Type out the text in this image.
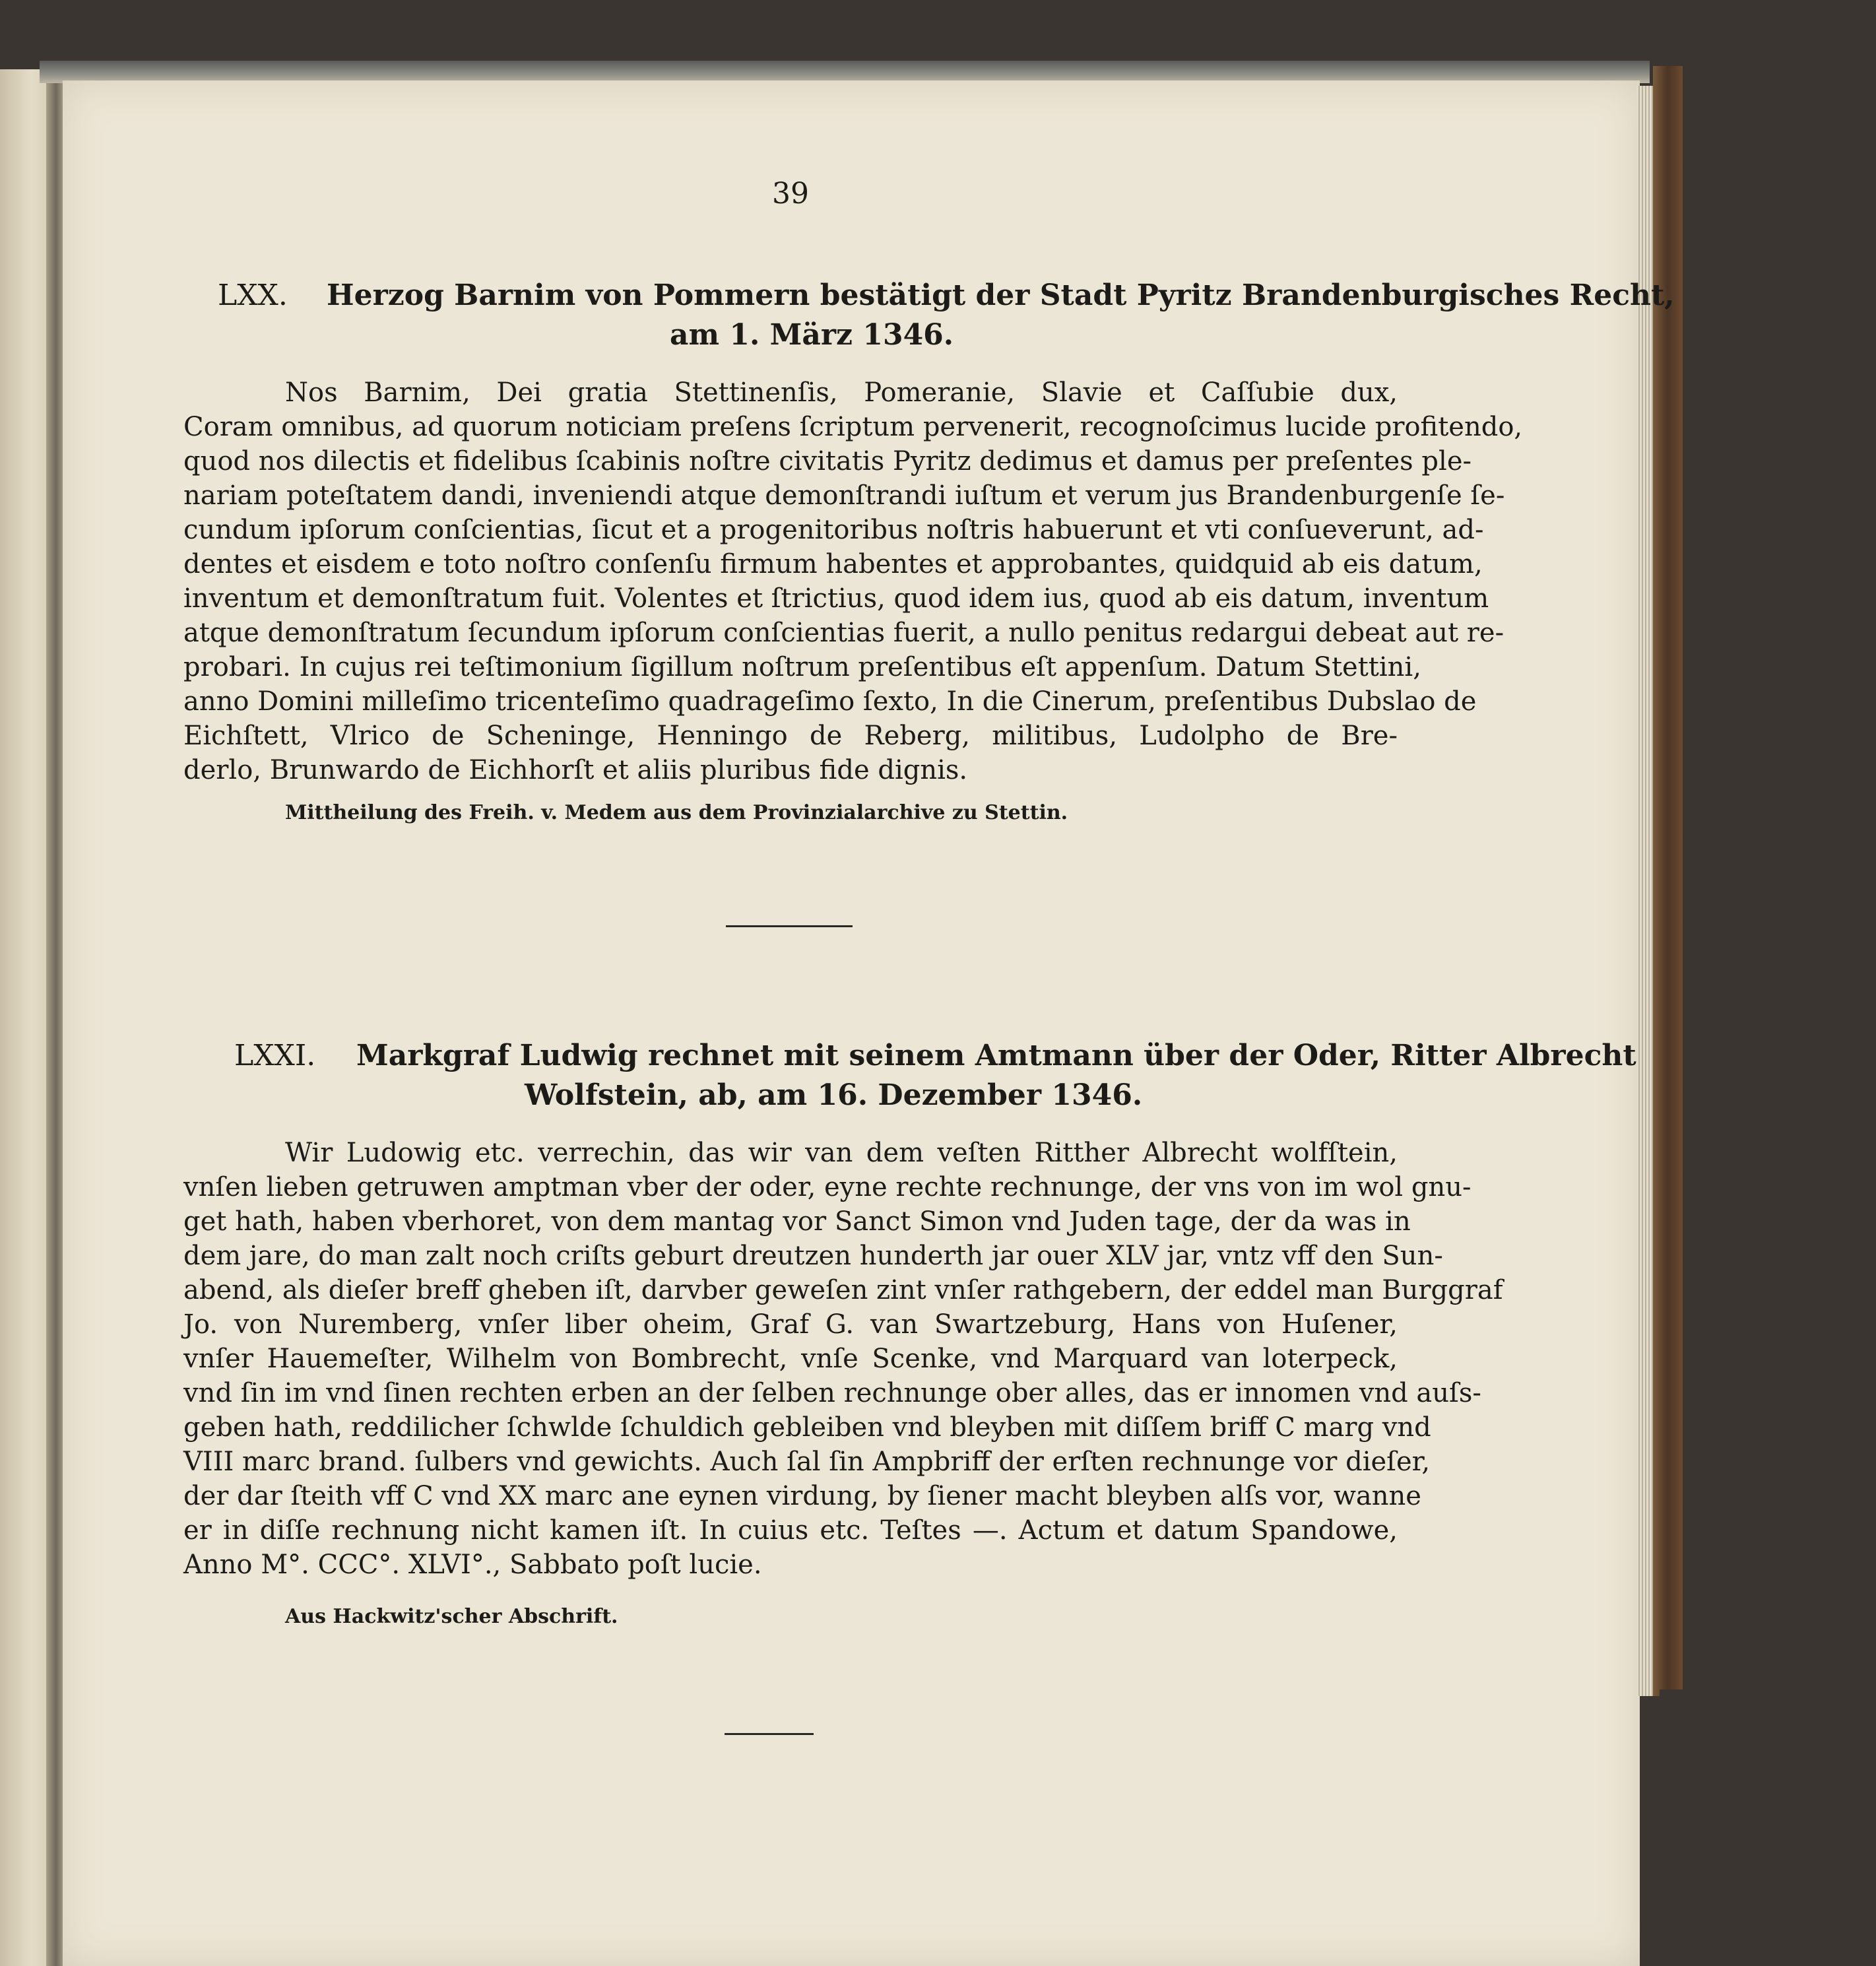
39
LXX. Herzog Barnim von Pommern bestätigt der Stadt Pyritz Brandenburgisches Recht,
am 1. März 1346.
Nos Barnim, Dei gratia Stettinenſis, Pomeranie, Slavie et Caſſubie dux,
Coram omnibus, ad quorum noticiam preſens ſcriptum pervenerit, recognoſcimus lucide profitendo,
quod nos dilectis et fidelibus ſcabinis noſtre civitatis Pyritz dedimus et damus per preſentes ple-
nariam poteſtatem dandi, inveniendi atque demonſtrandi iuſtum et verum jus Brandenburgenſe ſe-
cundum ipſorum conſcientias, ſicut et a progenitoribus noſtris habuerunt et vti conſueverunt, ad-
dentes et eisdem e toto noſtro conſenſu firmum habentes et approbantes, quidquid ab eis datum,
inventum et demonſtratum fuit. Volentes et ſtrictius, quod idem ius, quod ab eis datum, inventum
atque demonſtratum ſecundum ipſorum conſcientias fuerit, a nullo penitus redargui debeat aut re-
probari. In cujus rei teſtimonium ſigillum noſtrum preſentibus eſt appenſum. Datum Stettini,
anno Domini milleſimo tricenteſimo quadrageſimo ſexto, In die Cinerum, preſentibus Dubslao de
Eichſtett, Vlrico de Scheninge, Henningo de Reberg, militibus, Ludolpho de Bre-
derlo, Brunwardo de Eichhorſt et aliis pluribus fide dignis.
Mittheilung des Freih. v. Medem aus dem Provinzialarchive zu Stettin.
LXXI. Markgraf Ludwig rechnet mit seinem Amtmann über der Oder, Ritter Albrecht
Wolfstein, ab, am 16. Dezember 1346.
Wir Ludowig etc. verrechin, das wir van dem veſten Ritther Albrecht wolfſtein,
vnſen lieben getruwen amptman vber der oder, eyne rechte rechnunge, der vns von im wol gnu-
get hath, haben vberhoret, von dem mantag vor Sanct Simon vnd Juden tage, der da was in
dem jare, do man zalt noch criſts geburt dreutzen hunderth jar ouer XLV jar, vntz vff den Sun-
abend, als dieſer breff gheben iſt, darvber geweſen zint vnſer rathgebern, der eddel man Burggraf
Jo. von Nuremberg, vnſer liber oheim, Graf G. van Swartzeburg, Hans von Huſener,
vnſer Hauemeſter, Wilhelm von Bombrecht, vnſe Scenke, vnd Marquard van loterpeck,
vnd ſin im vnd ſinen rechten erben an der ſelben rechnunge ober alles, das er innomen vnd auſs-
geben hath, reddilicher ſchwlde ſchuldich gebleiben vnd bleyben mit diſſem briff C marg vnd
VIII marc brand. ſulbers vnd gewichts. Auch ſal ſin Ampbriff der erſten rechnunge vor dieſer,
der dar ſteith vff C vnd XX marc ane eynen virdung, by ſiener macht bleyben alſs vor, wanne
er in diſſe rechnung nicht kamen iſt. In cuius etc. Teſtes —. Actum et datum Spandowe,
Anno M°. CCC°. XLVI°., Sabbato poſt lucie.
Aus Hackwitz'scher Abschrift.
